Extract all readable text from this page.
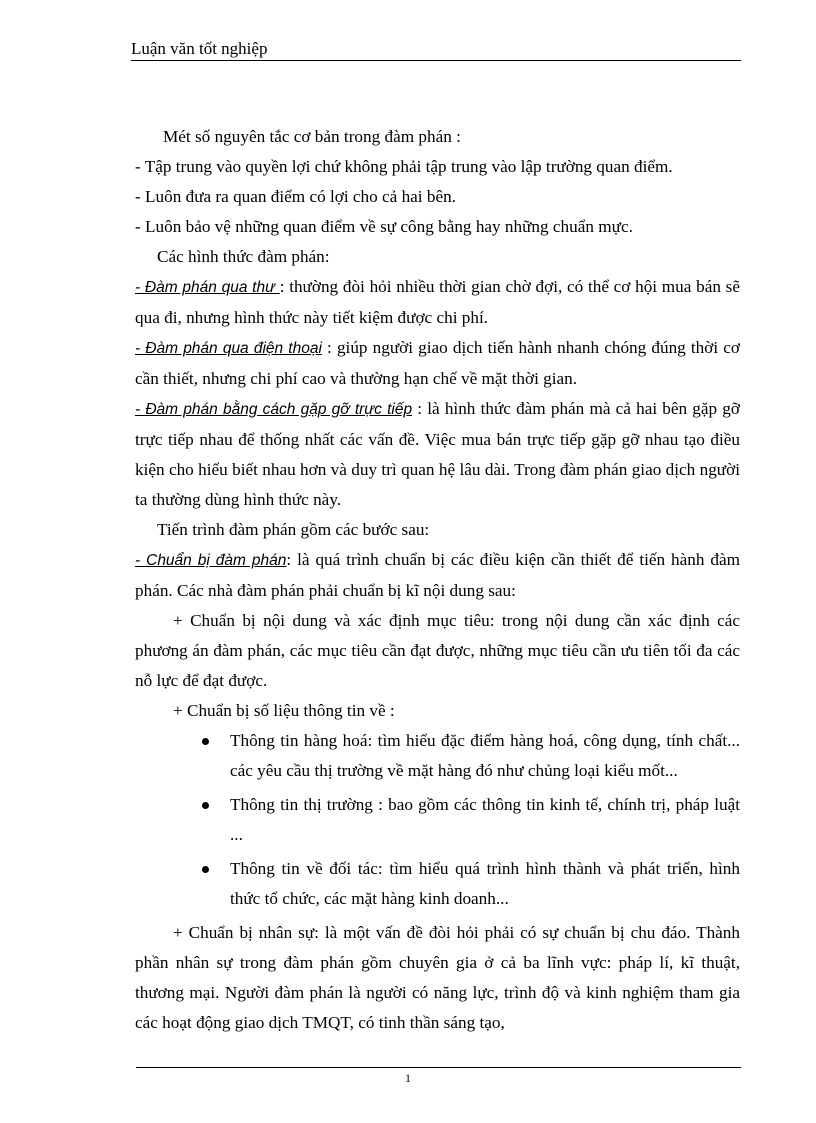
Luận văn tốt nghiệp

Mét số nguyên tắc cơ bản trong đàm phán :

- Tập trung vào quyền lợi chứ không phải tập trung vào lập trường quan điểm.

- Luôn đưa ra quan điểm có lợi cho cả hai bên.

- Luôn bảo vệ những quan điểm về sự công bằng hay những chuẩn mực.

Các hình thức đàm phán:

- Đàm phán qua thư : thường đòi hỏi nhiều thời gian chờ đợi, có thể cơ hội mua bán sẽ qua đi, nhưng hình thức này tiết kiệm được chi phí.

- Đàm phán qua điện thoại : giúp người giao dịch tiến hành nhanh chóng đúng thời cơ cần thiết, nhưng chi phí cao và thường hạn chế về mặt thời gian.

- Đàm phán bằng cách gặp gỡ trực tiếp : là hình thức đàm phán mà cả hai bên gặp gỡ trực tiếp nhau để thống nhất các vấn đề. Việc mua bán trực tiếp gặp gỡ nhau tạo điều kiện cho hiểu biết nhau hơn và duy trì quan hệ lâu dài. Trong đàm phán giao dịch người ta thường dùng hình thức này.

Tiến trình đàm phán gồm các bước sau:

- Chuẩn bị đàm phán: là quá trình chuẩn bị các điều kiện cần thiết để tiến hành đàm phán. Các nhà đàm phán phải chuẩn bị kĩ nội dung sau:

+ Chuẩn bị nội dung và xác định mục tiêu: trong nội dung cần xác định các phương án đàm phán, các mục tiêu cần đạt được, những mục tiêu cần ưu tiên tối đa các nỗ lực để đạt được.

+ Chuẩn bị số liệu thông tin về :

Thông tin hàng hoá: tìm hiểu đặc điểm hàng hoá, công dụng, tính chất... các yêu cầu thị trường về mặt hàng đó như chủng loại kiểu mốt...
Thông tin thị trường : bao gồm các thông tin kinh tế, chính trị, pháp luật ...
Thông tin về đối tác: tìm hiểu quá trình hình thành và phát triển, hình thức tổ chức, các mặt hàng kinh doanh...

+ Chuẩn bị nhân sự: là một vấn đề đòi hỏi phải có sự chuẩn bị chu đáo. Thành phần nhân sự trong đàm phán gồm chuyên gia ở cả ba lĩnh vực: pháp lí, kĩ thuật, thương mại. Người đàm phán là người có năng lực, trình độ và kinh nghiệm tham gia các hoạt động giao dịch TMQT, có tinh thần sáng tạo,

1
